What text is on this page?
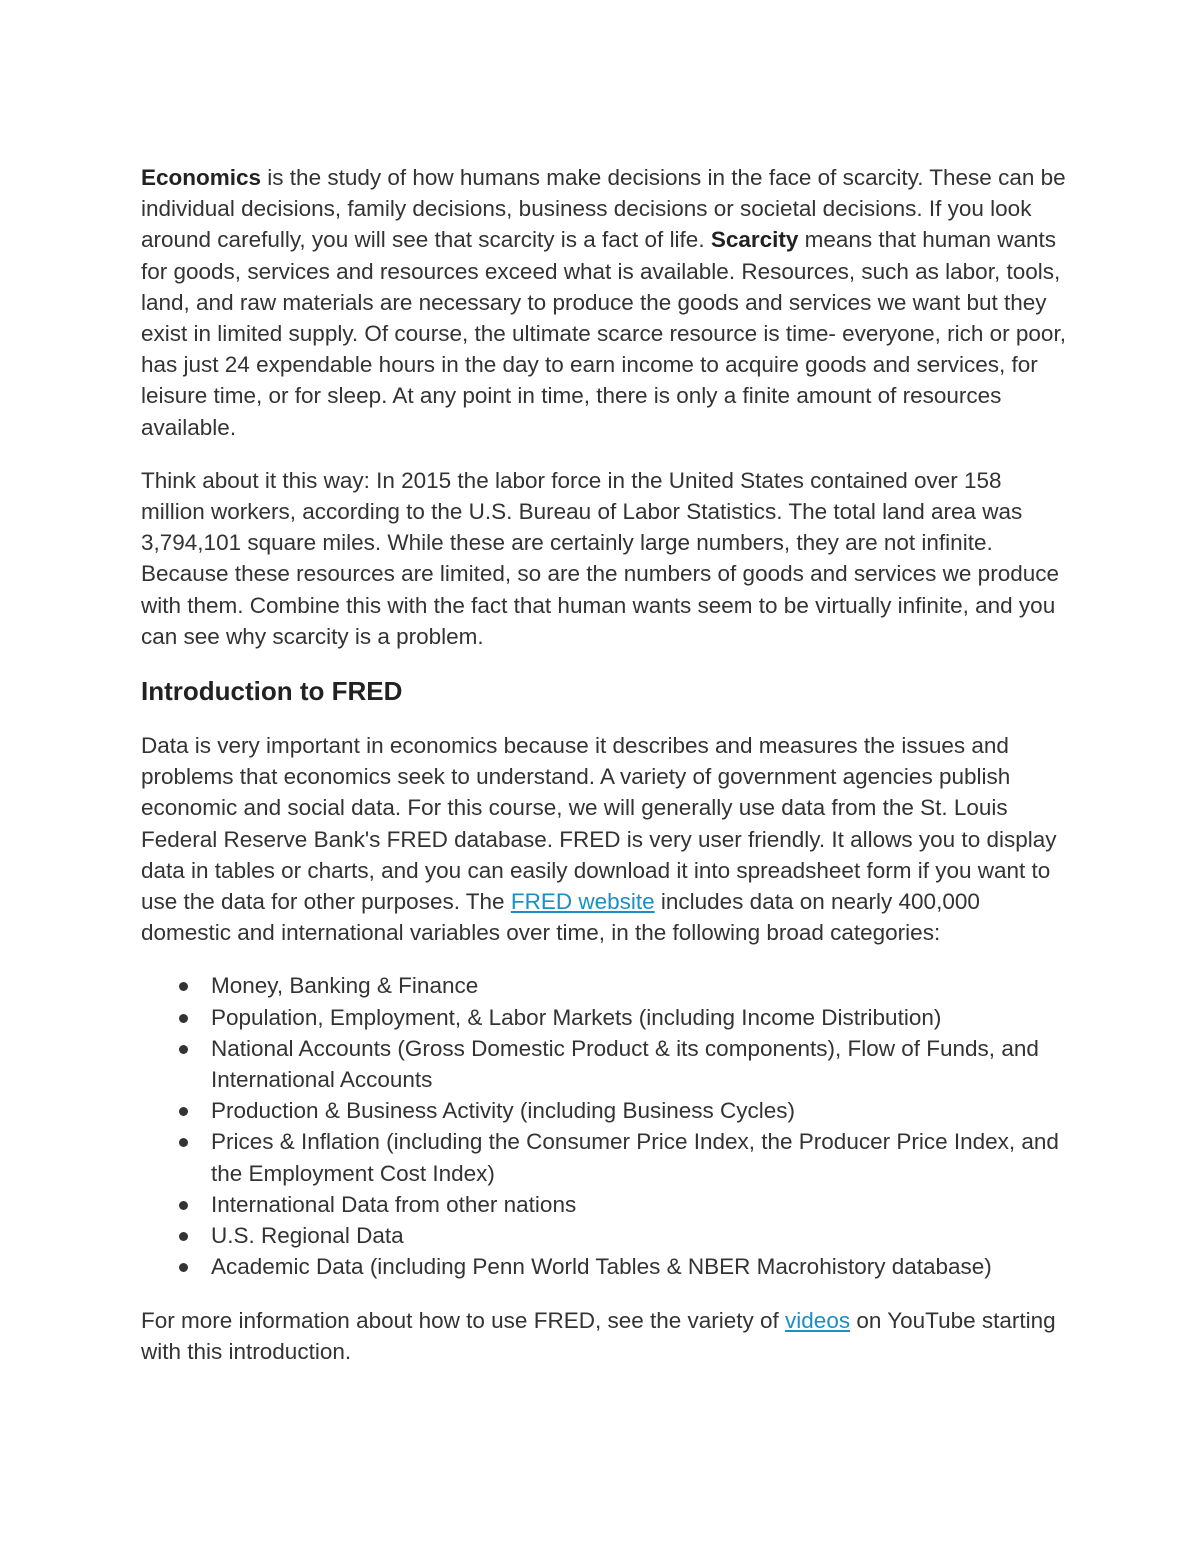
Economics is the study of how humans make decisions in the face of scarcity. These can be individual decisions, family decisions, business decisions or societal decisions. If you look around carefully, you will see that scarcity is a fact of life. Scarcity means that human wants for goods, services and resources exceed what is available. Resources, such as labor, tools, land, and raw materials are necessary to produce the goods and services we want but they exist in limited supply. Of course, the ultimate scarce resource is time- everyone, rich or poor, has just 24 expendable hours in the day to earn income to acquire goods and services, for leisure time, or for sleep. At any point in time, there is only a finite amount of resources available.

Think about it this way: In 2015 the labor force in the United States contained over 158 million workers, according to the U.S. Bureau of Labor Statistics. The total land area was 3,794,101 square miles. While these are certainly large numbers, they are not infinite. Because these resources are limited, so are the numbers of goods and services we produce with them. Combine this with the fact that human wants seem to be virtually infinite, and you can see why scarcity is a problem.

Introduction to FRED

Data is very important in economics because it describes and measures the issues and problems that economics seek to understand. A variety of government agencies publish economic and social data. For this course, we will generally use data from the St. Louis Federal Reserve Bank's FRED database. FRED is very user friendly. It allows you to display data in tables or charts, and you can easily download it into spreadsheet form if you want to use the data for other purposes. The FRED website includes data on nearly 400,000 domestic and international variables over time, in the following broad categories:

Money, Banking & Finance
Population, Employment, & Labor Markets (including Income Distribution)
National Accounts (Gross Domestic Product & its components), Flow of Funds, and International Accounts
Production & Business Activity (including Business Cycles)
Prices & Inflation (including the Consumer Price Index, the Producer Price Index, and the Employment Cost Index)
International Data from other nations
U.S. Regional Data
Academic Data (including Penn World Tables & NBER Macrohistory database)

For more information about how to use FRED, see the variety of videos on YouTube starting with this introduction.
